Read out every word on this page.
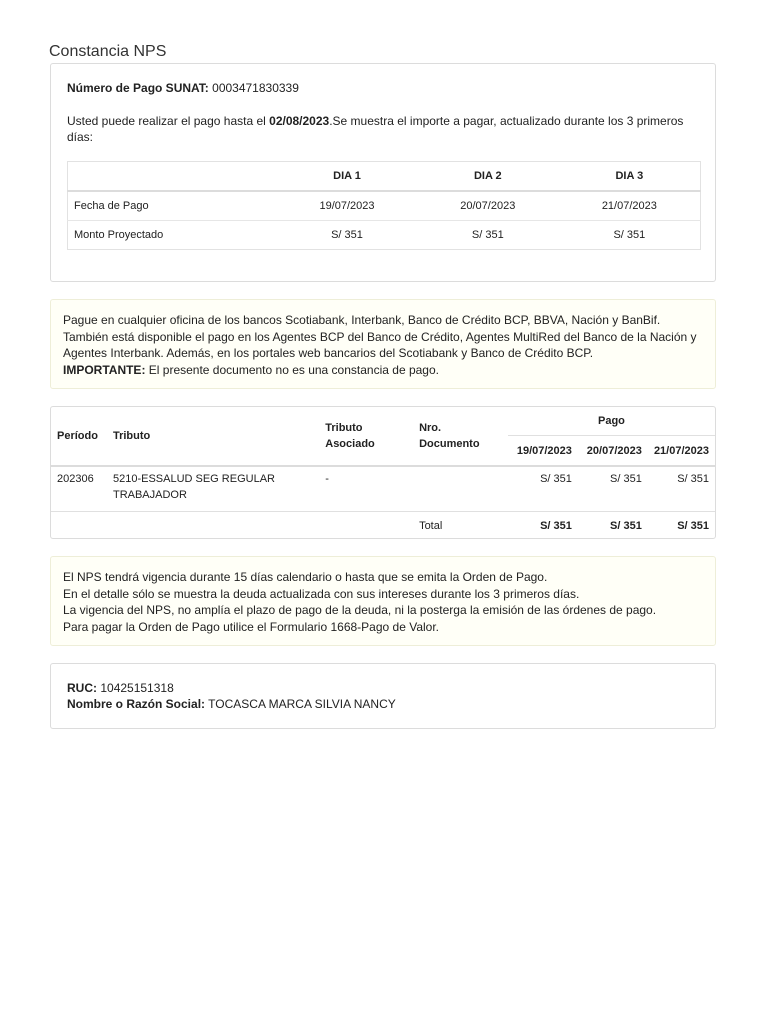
Constancia NPS
Número de Pago SUNAT: 0003471830339
Usted puede realizar el pago hasta el 02/08/2023.Se muestra el importe a pagar, actualizado durante los 3 primeros
días:
	DIA 1	DIA 2	DIA 3
Fecha de Pago	19/07/2023	20/07/2023	21/07/2023
Monto Proyectado	S/ 351	S/ 351	S/ 351
Pague en cualquier oficina de los bancos Scotiabank, Interbank, Banco de Crédito BCP, BBVA, Nación y BanBif.
También está disponible el pago en los Agentes BCP del Banco de Crédito, Agentes MultiRed del Banco de la Nación y
Agentes Interbank. Además, en los portales web bancarios del Scotiabank y Banco de Crédito BCP.
IMPORTANTE: El presente documento no es una constancia de pago.
Período	Tributo	Tributo Asociado	Nro. Documento	Pago		
				19/07/2023	20/07/2023	21/07/2023
202306	5210-ESSALUD SEG REGULAR TRABAJADOR	-		S/ 351	S/ 351	S/ 351
			Total	S/ 351	S/ 351	S/ 351
El NPS tendrá vigencia durante 15 días calendario o hasta que se emita la Orden de Pago.
En el detalle sólo se muestra la deuda actualizada con sus intereses durante los 3 primeros días.
La vigencia del NPS, no amplía el plazo de pago de la deuda, ni la posterga la emisión de las órdenes de pago.
Para pagar la Orden de Pago utilice el Formulario 1668-Pago de Valor.
RUC: 10425151318
Nombre o Razón Social: TOCASCA MARCA SILVIA NANCY
